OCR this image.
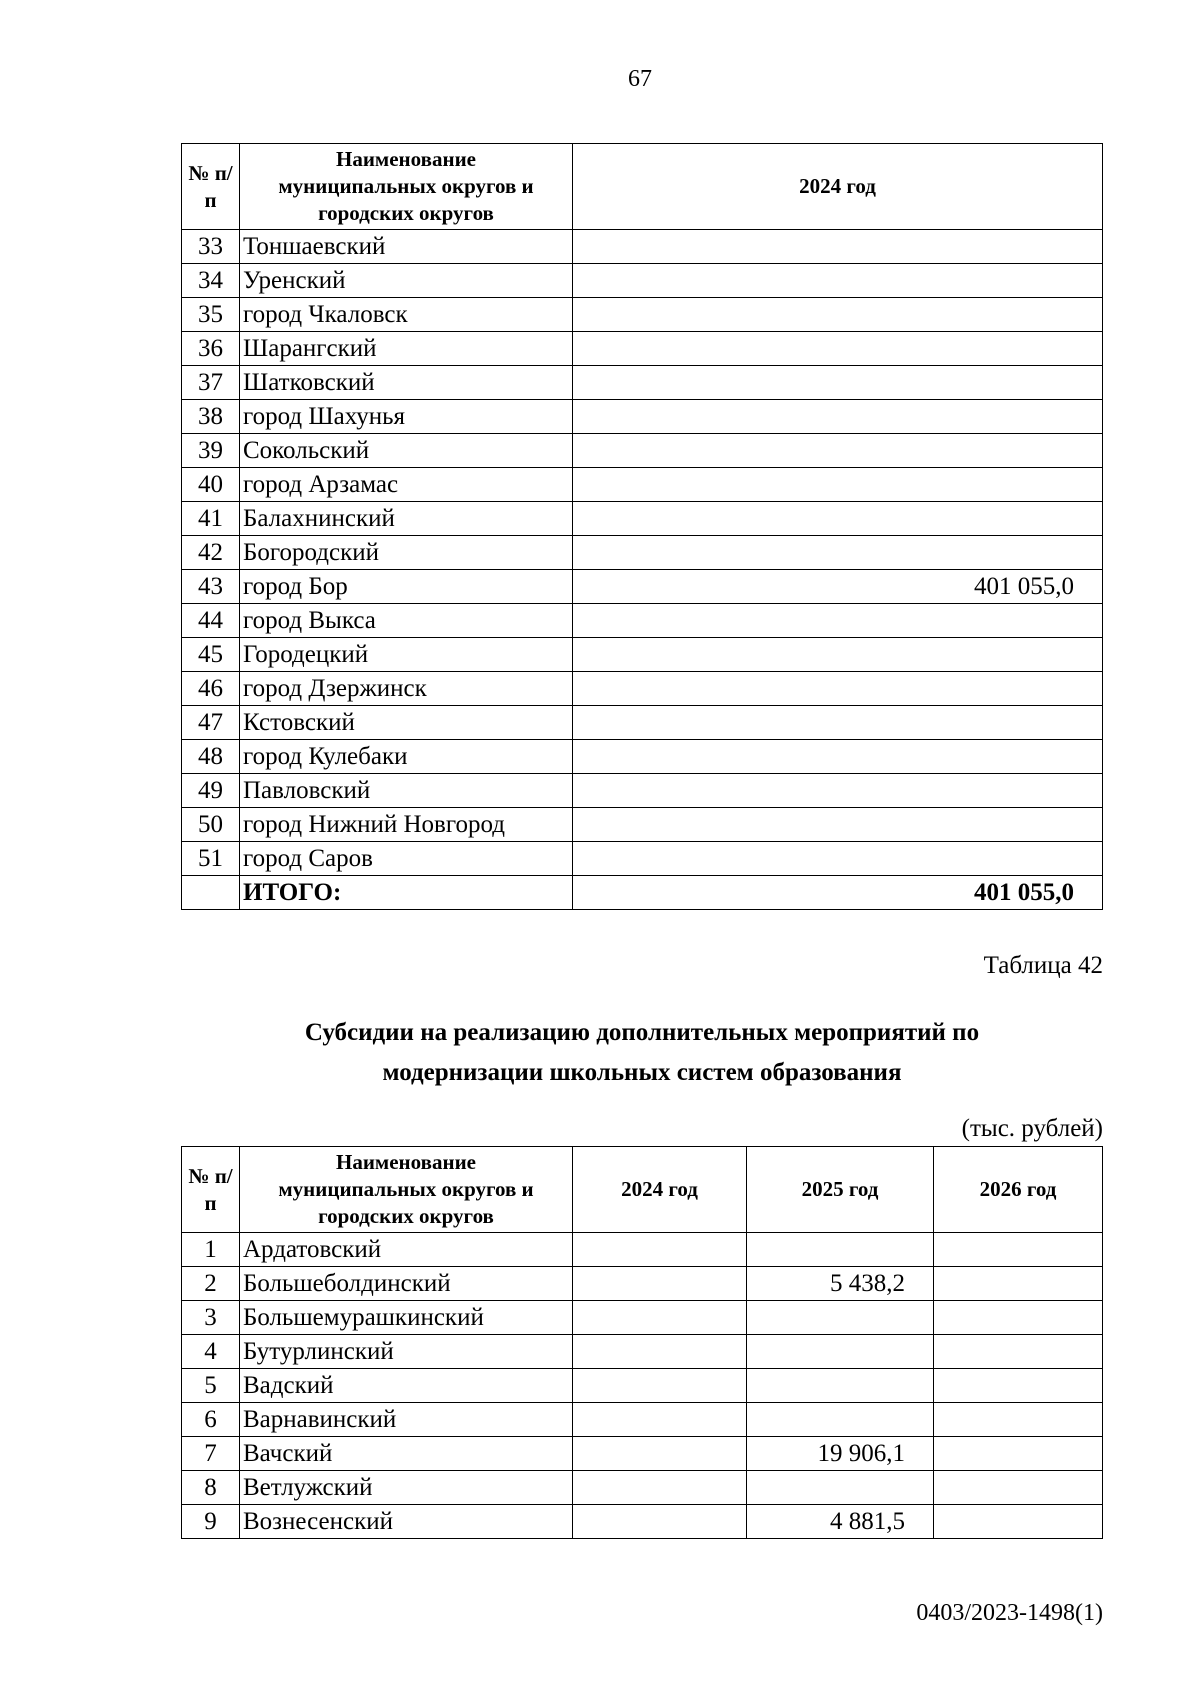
67
№ п/п	Наименование муниципальных округов и городских округов	2024 год
33	Тоншаевский	
34	Уренский	
35	город Чкаловск	
36	Шарангский	
37	Шатковский	
38	город Шахунья	
39	Сокольский	
40	город Арзамас	
41	Балахнинский	
42	Богородский	
43	город Бор	401 055,0
44	город Выкса	
45	Городецкий	
46	город Дзержинск	
47	Кстовский	
48	город Кулебаки	
49	Павловский	
50	город Нижний Новгород	
51	город Саров	
	ИТОГО:	401 055,0
Таблица 42
Субсидии на реализацию дополнительных мероприятий по
модернизации школьных систем образования
(тыс. рублей)
№ п/п	Наименование муниципальных округов и городских округов	2024 год	2025 год	2026 год
1	Ардатовский			
2	Большеболдинский		5 438,2	
3	Большемурашкинский			
4	Бутурлинский			
5	Вадский			
6	Варнавинский			
7	Вачский		19 906,1	
8	Ветлужский			
9	Вознесенский		4 881,5	
0403/2023-1498(1)
